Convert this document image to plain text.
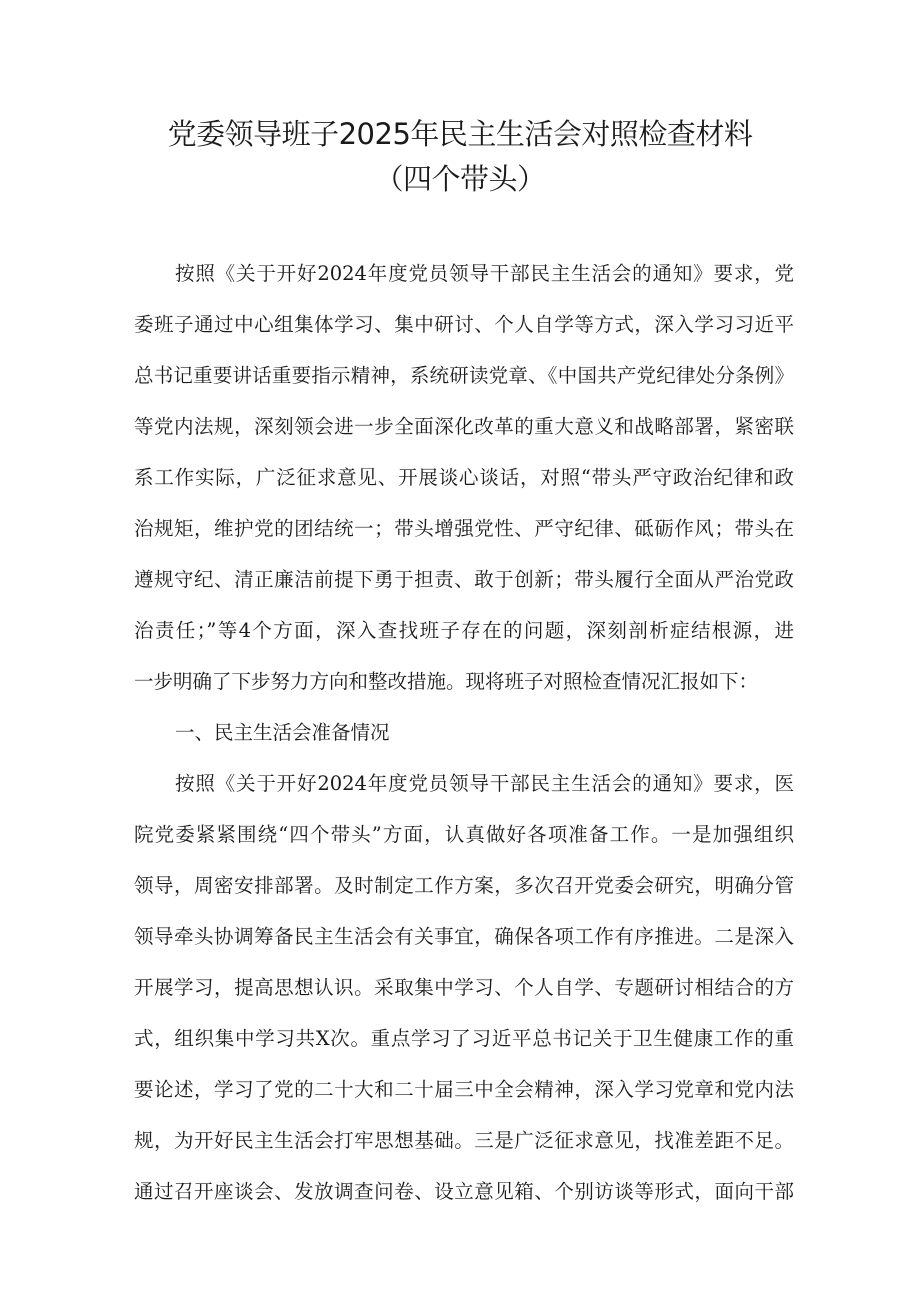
党委领导班子2025年民主生活会对照检查材料
（四个带头）
按照《关于开好2024年度党员领导干部民主生活会的通知》要求，党
委班子通过中心组集体学习、集中研讨、个人自学等方式，深入学习习近平
总书记重要讲话重要指示精神，系统研读党章、《中国共产党纪律处分条例》
等党内法规，深刻领会进一步全面深化改革的重大意义和战略部署，紧密联
系工作实际，广泛征求意见、开展谈心谈话，对照“带头严守政治纪律和政
治规矩，维护党的团结统一；带头增强党性、严守纪律、砥砺作风；带头在
遵规守纪、清正廉洁前提下勇于担责、敢于创新；带头履行全面从严治党政
治责任；”等4个方面，深入查找班子存在的问题，深刻剖析症结根源，进
一步明确了下步努力方向和整改措施。现将班子对照检查情况汇报如下：
一、民主生活会准备情况
按照《关于开好2024年度党员领导干部民主生活会的通知》要求，医
院党委紧紧围绕“四个带头”方面，认真做好各项准备工作。一是加强组织
领导，周密安排部署。及时制定工作方案，多次召开党委会研究，明确分管
领导牵头协调筹备民主生活会有关事宜，确保各项工作有序推进。二是深入
开展学习，提高思想认识。采取集中学习、个人自学、专题研讨相结合的方
式，组织集中学习共X次。重点学习了习近平总书记关于卫生健康工作的重
要论述，学习了党的二十大和二十届三中全会精神，深入学习党章和党内法
规，为开好民主生活会打牢思想基础。三是广泛征求意见，找准差距不足。
通过召开座谈会、发放调查问卷、设立意见箱、个别访谈等形式，面向干部
